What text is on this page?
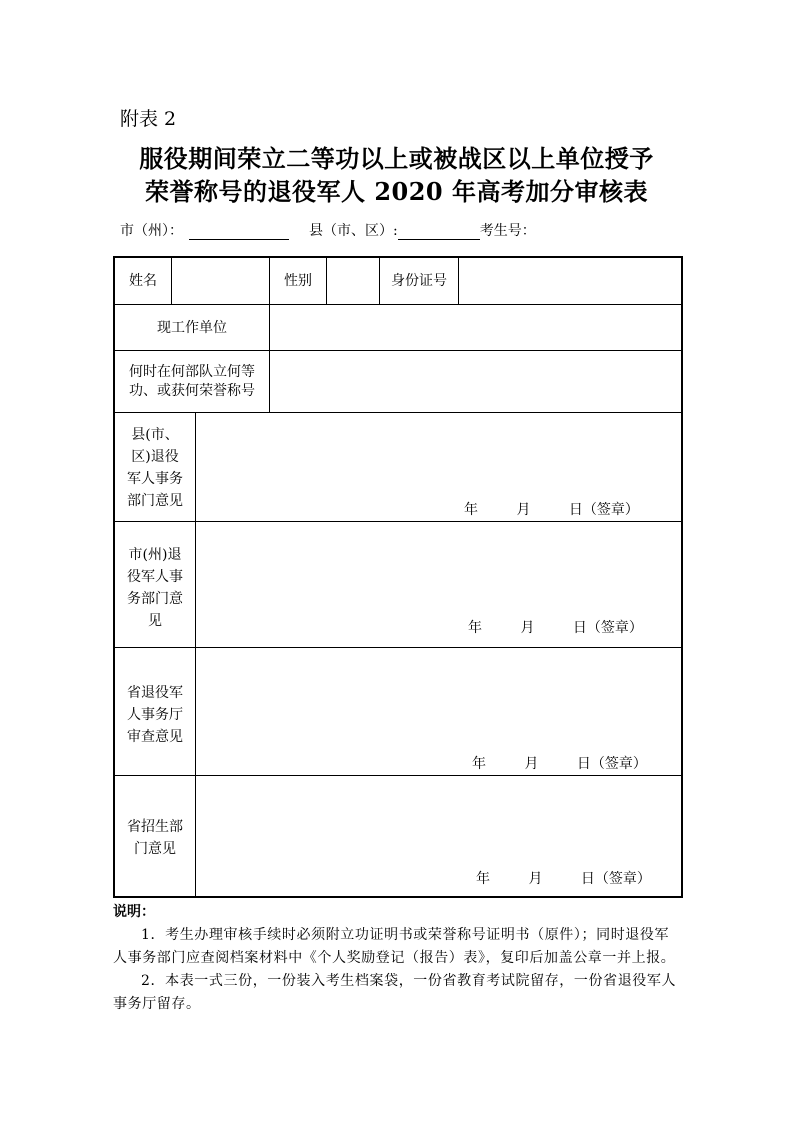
附表 2
服役期间荣立二等功以上或被战区以上单位授予
荣誉称号的退役军人 2020 年高考加分审核表
市（州）：	县（市、区）:	考生号：
姓名	性别	身份证号
现工作单位
何时在何部队立何等功、或获何荣誉称号
县(市、区)退役军人事务部门意见
年	月	日（签章）
市(州)退役军人事务部门意见	年	月	日（签章）
省退役军人事务厅审查意见
年	月	日（签章）
省招生部门意见
年	月	日（签章）
说明：
1．考生办理审核手续时必须附立功证明书或荣誉称号证明书（原件）；同时退役军人事务部门应查阅档案材料中《个人奖励登记（报告）表》，复印后加盖公章一并上报。
2．本表一式三份，一份装入考生档案袋，一份省教育考试院留存，一份省退役军人事务厅留存。
